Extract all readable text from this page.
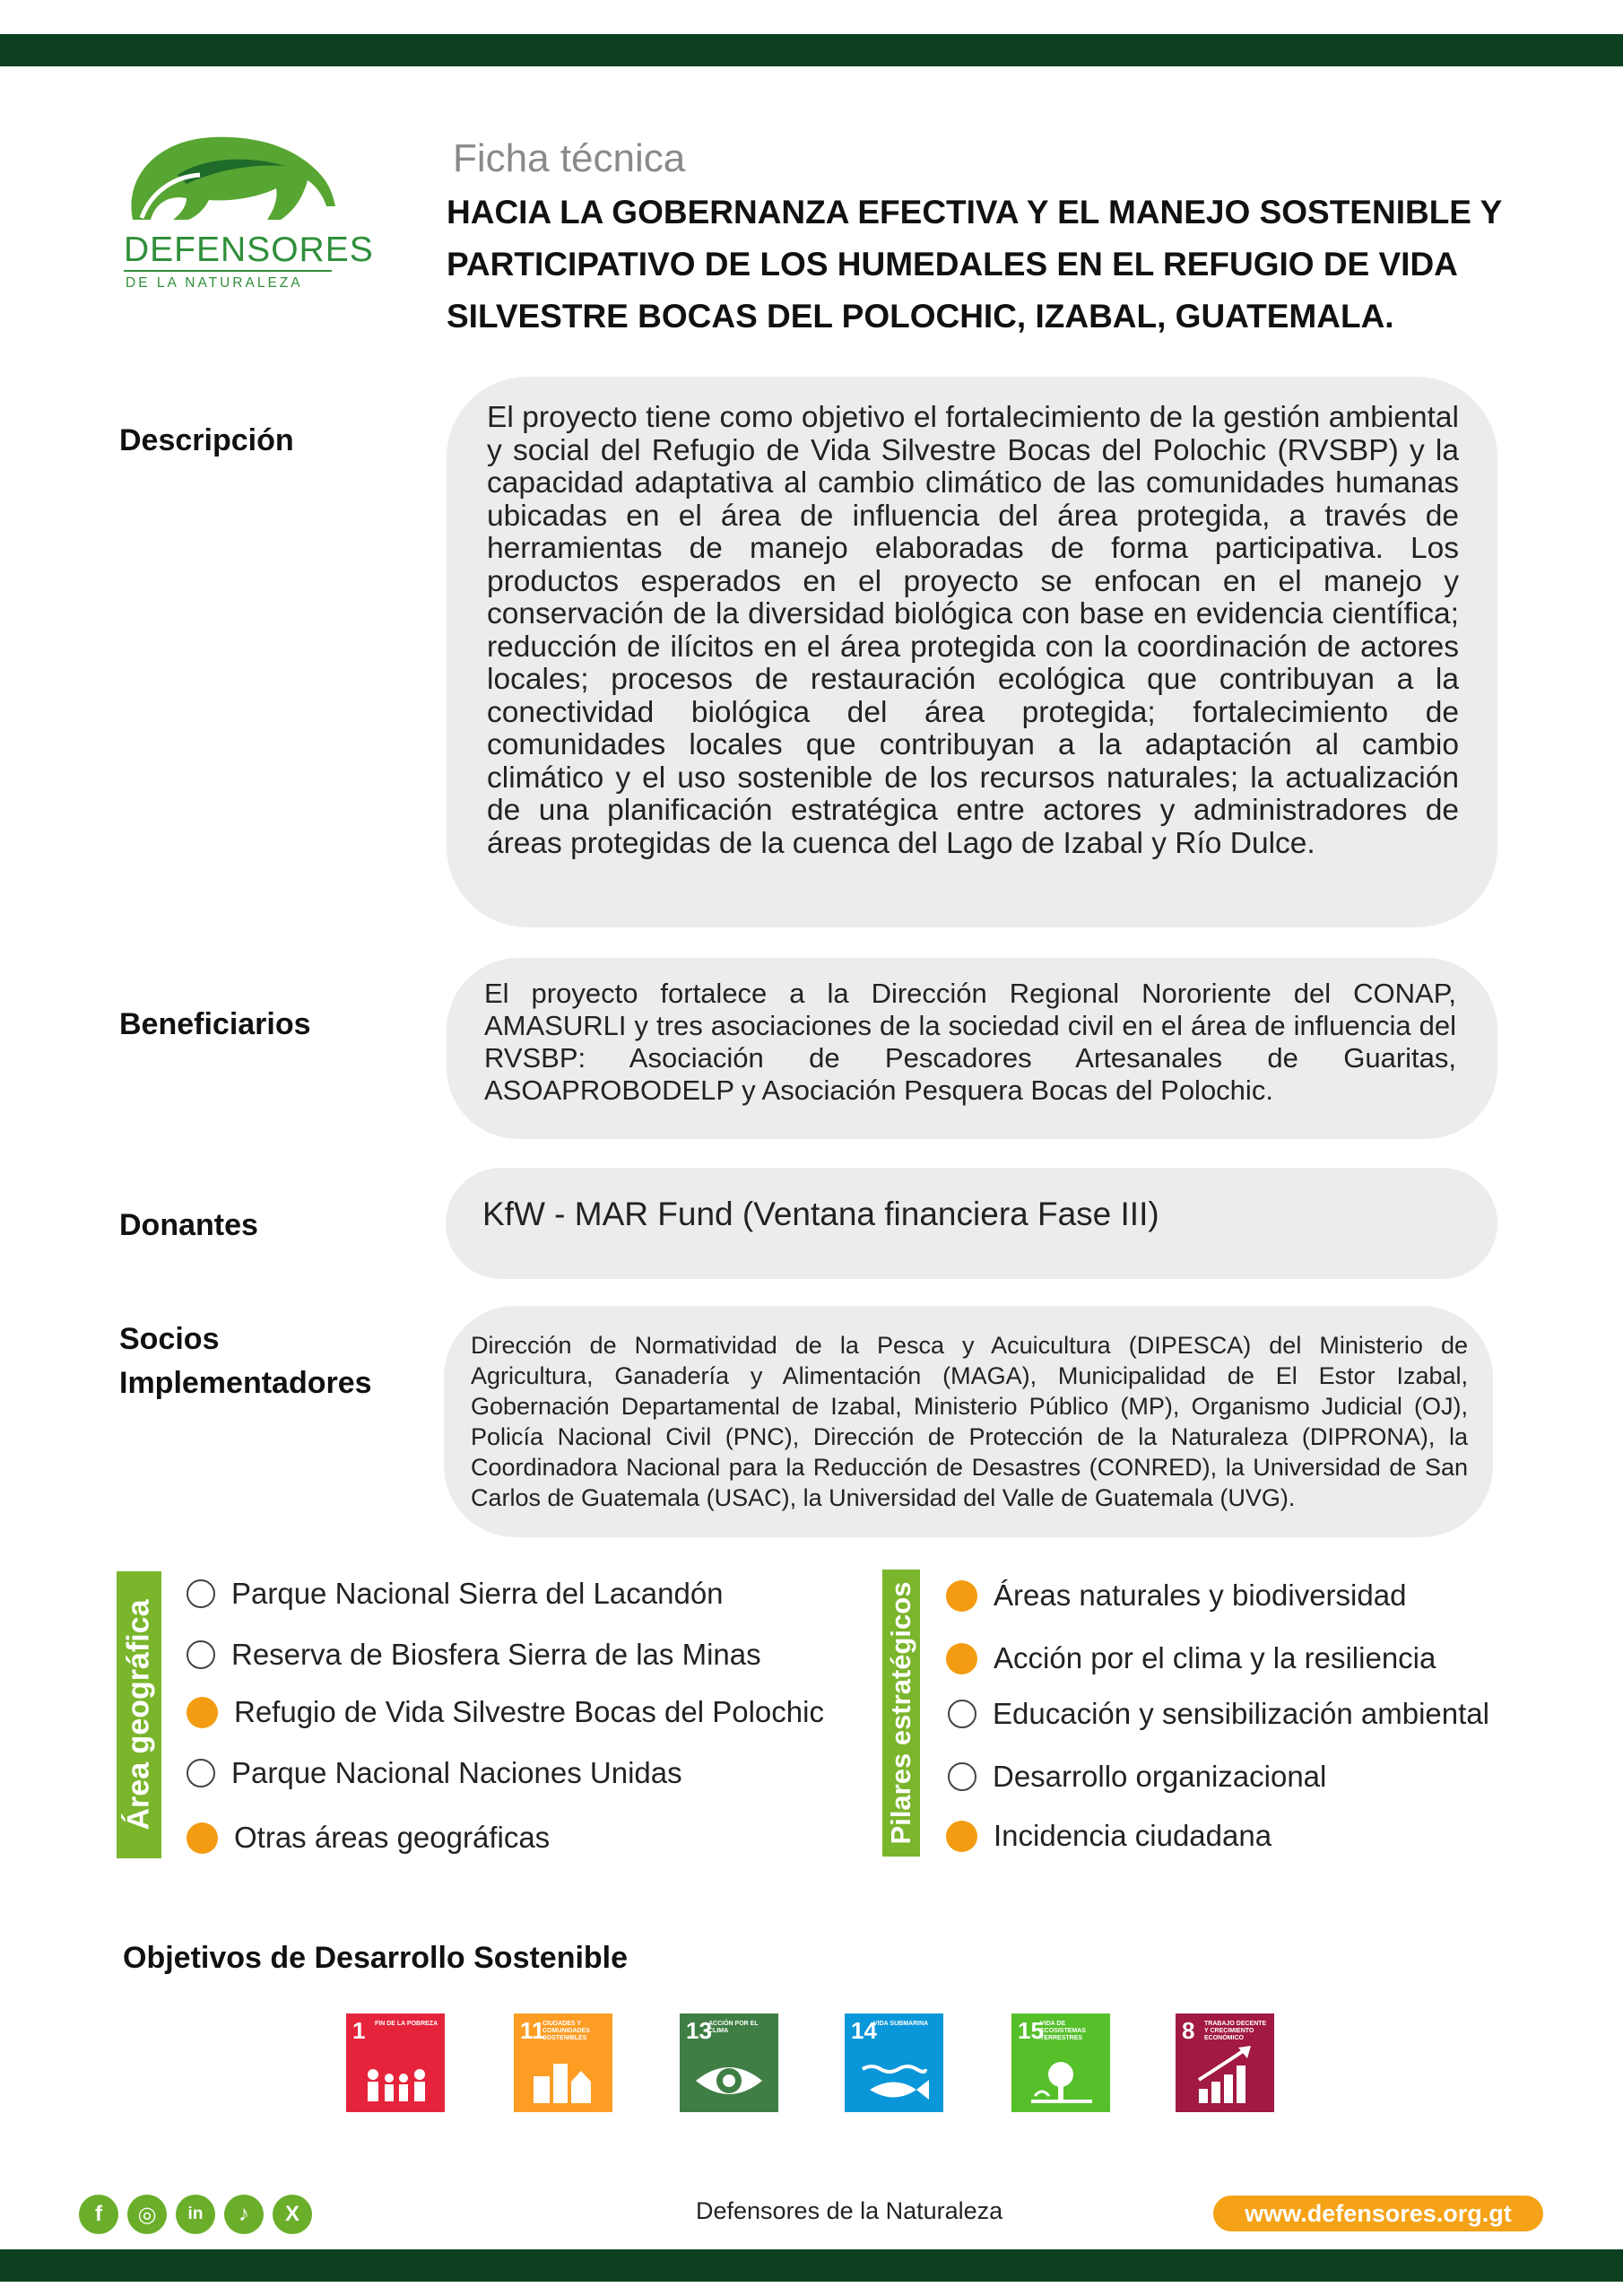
DEFENSORES
DE LA NATURALEZA
Ficha técnica
HACIA LA GOBERNANZA EFECTIVA Y EL MANEJO SOSTENIBLE Y PARTICIPATIVO DE LOS HUMEDALES EN EL REFUGIO DE VIDA SILVESTRE BOCAS DEL POLOCHIC, IZABAL, GUATEMALA.
Descripción
El proyecto tiene como objetivo el fortalecimiento de la gestión ambiental y social del Refugio de Vida Silvestre Bocas del Polochic (RVSBP) y la capacidad adaptativa al cambio climático de las comunidades humanas ubicadas en el área de influencia del área protegida, a través de herramientas de manejo elaboradas de forma participativa. Los productos esperados en el proyecto se enfocan en el manejo y conservación de la diversidad biológica con base en evidencia científica; reducción de ilícitos en el área protegida con la coordinación de actores locales; procesos de restauración ecológica que contribuyan a la conectividad biológica del área protegida; fortalecimiento de comunidades locales que contribuyan a la adaptación al cambio climático y el uso sostenible de los recursos naturales; la actualización de una planificación estratégica entre actores y administradores de áreas protegidas de la cuenca del Lago de Izabal y Río Dulce.
Beneficiarios
El proyecto fortalece a la Dirección Regional Nororiente del CONAP, AMASURLI y tres asociaciones de la sociedad civil en el área de influencia del RVSBP: Asociación de Pescadores Artesanales de Guaritas, ASOAPROBODELP y Asociación Pesquera Bocas del Polochic.
Donantes	KfW - MAR Fund (Ventana financiera Fase III)
Socios
Implementadores
Dirección de Normatividad de la Pesca y Acuicultura (DIPESCA) del Ministerio de Agricultura, Ganadería y Alimentación (MAGA), Municipalidad de El Estor Izabal, Gobernación Departamental de Izabal, Ministerio Público (MP), Organismo Judicial (OJ), Policía Nacional Civil (PNC), Dirección de Protección de la Naturaleza (DIPRONA), la Coordinadora Nacional para la Reducción de Desastres (CONRED), la Universidad de San Carlos de Guatemala (USAC), la Universidad del Valle de Guatemala (UVG).
Área geográfica
Parque Nacional Sierra del Lacandón
Reserva de Biosfera Sierra de las Minas
Refugio de Vida Silvestre Bocas del Polochic
Parque Nacional Naciones Unidas
Otras áreas geográficas	Pilares estratégicos	Áreas naturales y biodiversidad
Acción por el clima y la resiliencia
Educación y sensibilización ambiental
Desarrollo organizacional
Incidencia ciudadana
Objetivos de Desarrollo Sostenible
1 FIN DE LA POBREZA	11
CIUDADES Y COMUNIDADES SOSTENIBLES	13
ACCIÓN POR EL CLIMA	14
VIDA SUBMARINA	15
VIDA DE ECOSISTEMAS TERRESTRES	8 TRABAJO DECENTE Y CRECIMIENTO ECONÓMICO
f	◎	in	♪	X	Defensores de la Naturaleza	www.defensores.org.gt
